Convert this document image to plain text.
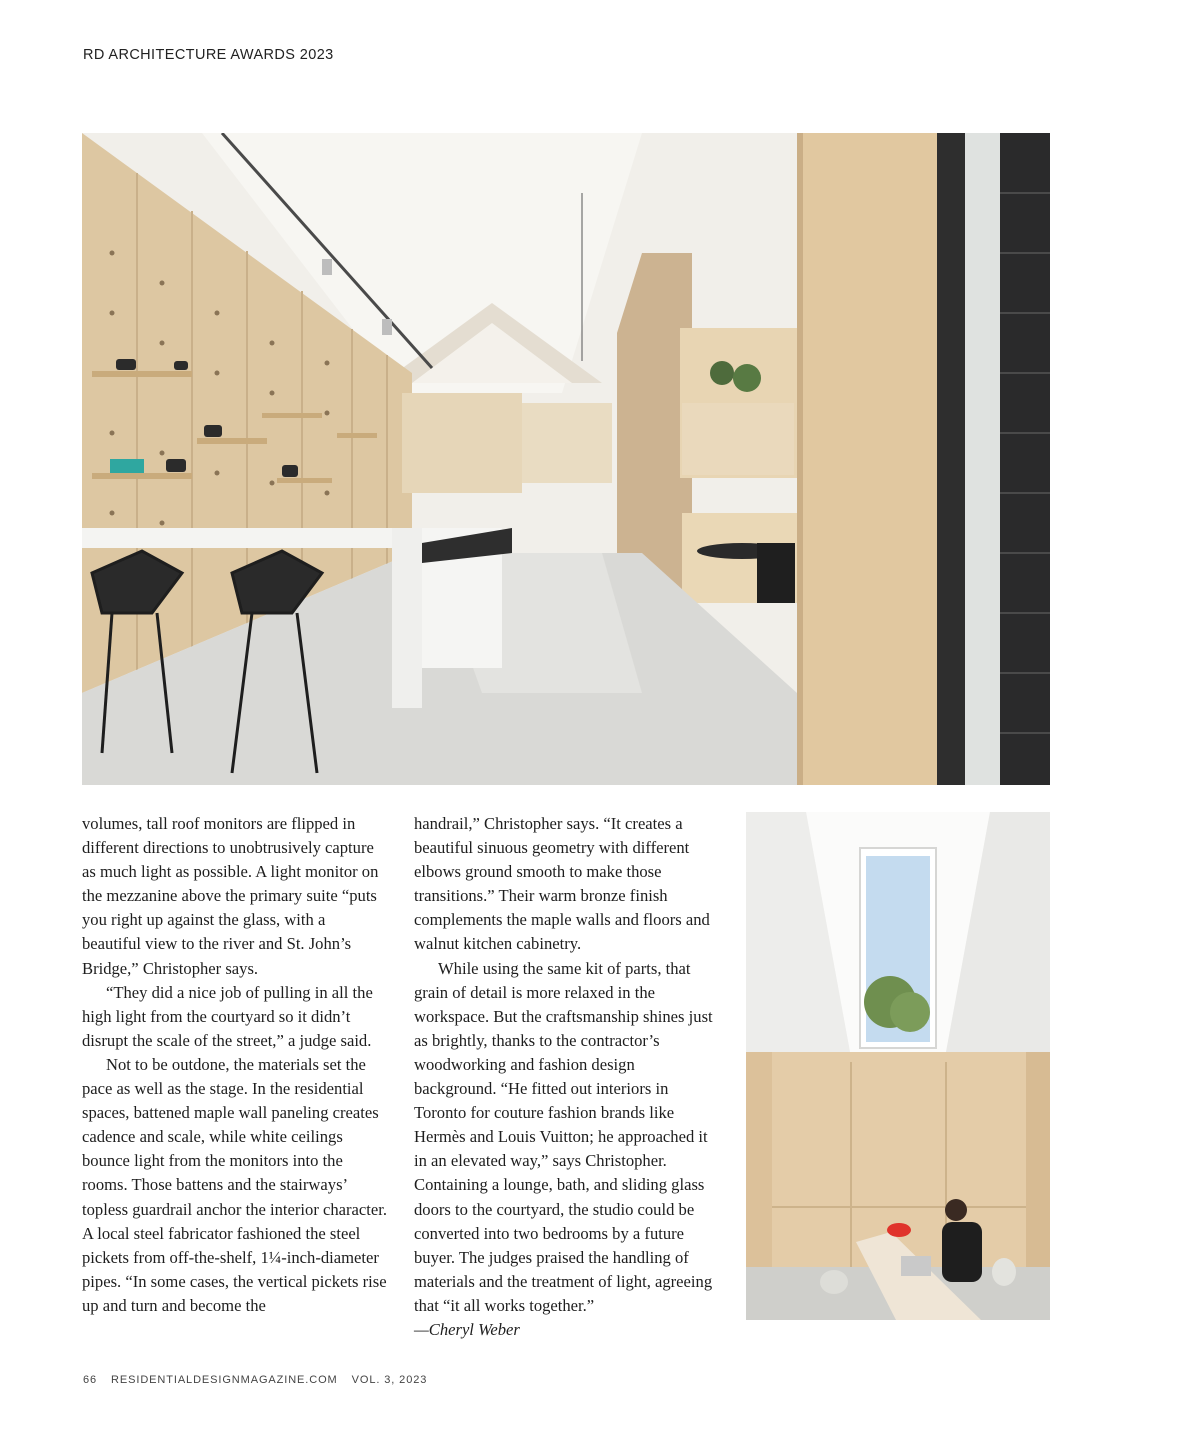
RD ARCHITECTURE AWARDS 2023

volumes, tall roof monitors are flipped in different directions to unobtrusively capture as much light as possible. A light monitor on the mezzanine above the primary suite “puts you right up against the glass, with a beautiful view to the river and St. John’s Bridge,” Christopher says.

“They did a nice job of pulling in all the high light from the courtyard so it didn’t disrupt the scale of the street,” a judge said.

Not to be outdone, the materials set the pace as well as the stage. In the residential spaces, battened maple wall paneling creates cadence and scale, while white ceilings bounce light from the monitors into the rooms. Those battens and the stairways’ topless guardrail anchor the interior character. A local steel fabricator fashioned the steel pickets from off-the-shelf, 1¼-inch-diameter pipes. “In some cases, the vertical pickets rise up and turn and become the

handrail,” Christopher says. “It creates a beautiful sinuous geometry with different elbows ground smooth to make those transitions.” Their warm bronze finish complements the maple walls and floors and walnut kitchen cabinetry.

While using the same kit of parts, that grain of detail is more relaxed in the workspace. But the craftsmanship shines just as brightly, thanks to the contractor’s woodworking and fashion design background. “He fitted out interiors in Toronto for couture fashion brands like Hermès and Louis Vuitton; he approached it in an elevated way,” says Christopher. Containing a lounge, bath, and sliding glass doors to the courtyard, the studio could be converted into two bedrooms by a future buyer. The judges praised the handling of materials and the treatment of light, agreeing that “it all works together.”

—Cheryl Weber

66 RESIDENTIALDESIGNMAGAZINE.COM VOL. 3, 2023
